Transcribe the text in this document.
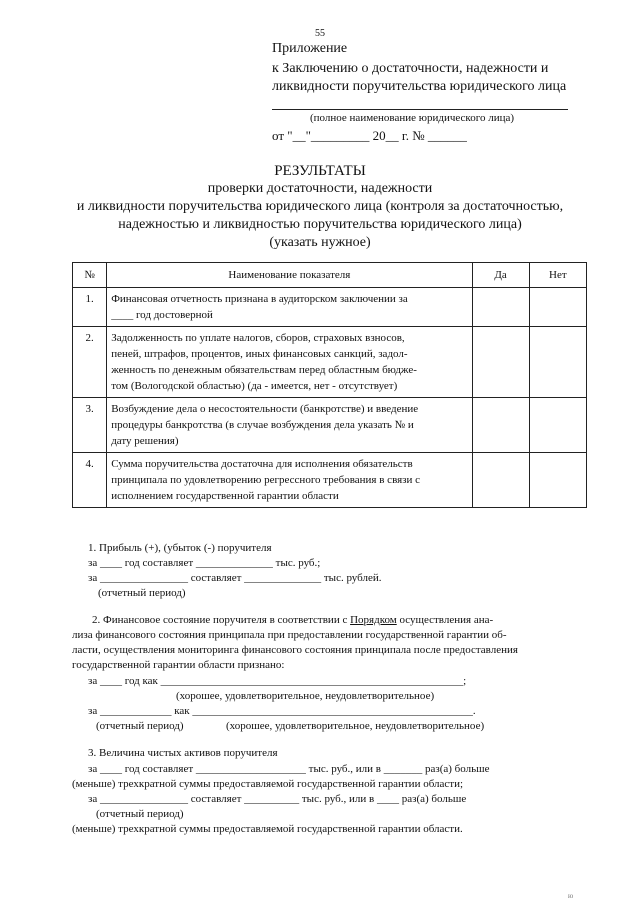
55
Приложение
к Заключению о достаточности, надежности и
ликвидности поручительства юридического лица
(полное наименование юридического лица)
от "__"_________ 20__ г. № ______
РЕЗУЛЬТАТЫ
проверки достаточности, надежности
и ликвидности поручительства юридического лица (контроля за достаточностью,
надежностью и ликвидностью поручительства юридического лица)
(указать нужное)
№	Наименование показателя	Да	Нет
1.	Финансовая отчетность признана в аудиторском заключении за
____ год достоверной		

2.	Задолженность по уплате налогов, сборов, страховых взносов,
пеней, штрафов, процентов, иных финансовых санкций, задол-
женность по денежным обязательствам перед областным бюдже-
том (Вологодской областью) (да - имеется, нет - отсутствует)		

3.	Возбуждение дела о несостоятельности (банкротстве) и введение
процедуры банкротства (в случае возбуждения дела указать № и
дату решения)		

4.	Сумма поручительства достаточна для исполнения обязательств
принципала по удовлетворению регрессного требования в связи с
исполнением государственной гарантии области		

1. Прибыль (+), (убыток (-) поручителя
за ____ год составляет ______________ тыс. руб.;
за ________________ составляет ______________ тыс. рублей.
(отчетный период)
2. Финансовое состояние поручителя в соответствии с Порядком осуществления ана-
лиза финансового состояния принципала при предоставлении государственной гарантии об-
ласти, осуществления мониторинга финансового состояния принципала после предоставления
государственной гарантии области признано:
за ____ год как _______________________________________________________;
(хорошее, удовлетворительное, неудовлетворительное)
за _____________ как ___________________________________________________.
(отчетный период)	(хорошее, удовлетворительное, неудовлетворительное)
3. Величина чистых активов поручителя
за ____ год составляет ____________________ тыс. руб., или в _______ раз(а) больше
(меньше) трехкратной суммы предоставляемой государственной гарантии области;
за ________________ составляет __________ тыс. руб., или в ____ раз(а) больше
(отчетный период)
(меньше) трехкратной суммы предоставляемой государственной гарантии области.
ю
